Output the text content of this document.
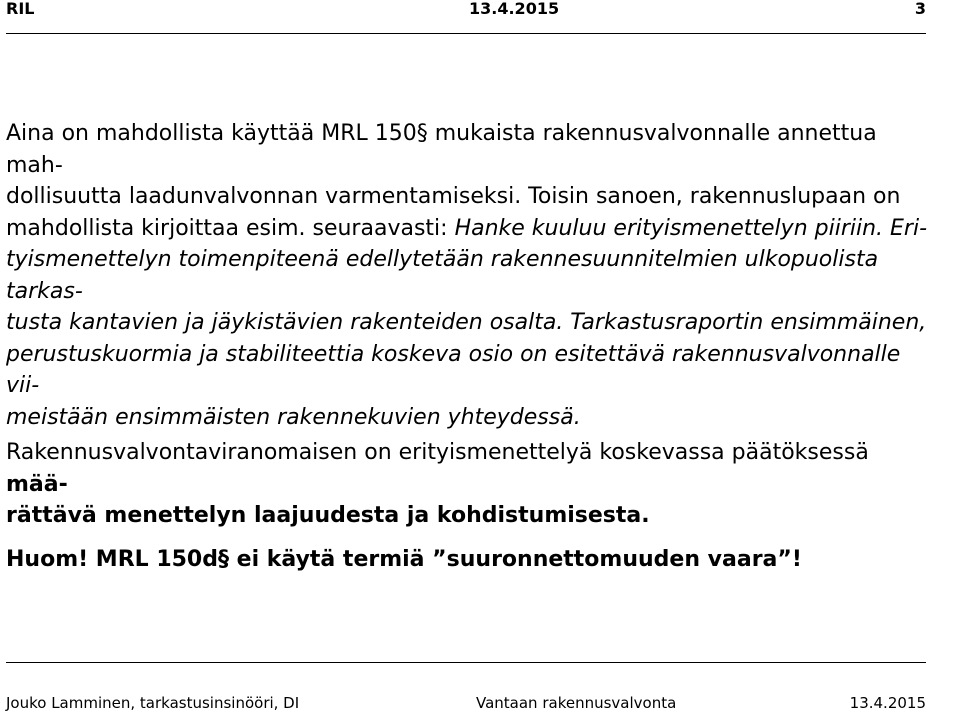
RIL	13.4.2015	3

Aina on mahdollista käyttää MRL 150§ mukaista rakennusvalvonnalle annettua mah-

dollisuutta laadunvalvonnan varmentamiseksi. Toisin sanoen, rakennuslupaan on

mahdollista kirjoittaa esim. seuraavasti: Hanke kuuluu erityismenettelyn piiriin. Eri-

tyismenettelyn toimenpiteenä edellytetään rakennesuunnitelmien ulkopuolista tarkas-

tusta kantavien ja jäykistävien rakenteiden osalta. Tarkastusraportin ensimmäinen,

perustuskuormia ja stabiliteettia koskeva osio on esitettävä rakennusvalvonnalle vii-

meistään ensimmäisten rakennekuvien yhteydessä.

Rakennusvalvontaviranomaisen on erityismenettelyä koskevassa päätöksessä mää-

rättävä menettelyn laajuudesta ja kohdistumisesta.

Huom! MRL 150d§ ei käytä termiä ”suuronnettomuuden vaara”!

Jouko Lamminen, tarkastusinsinööri, DI	Vantaan rakennusvalvonta	13.4.2015
